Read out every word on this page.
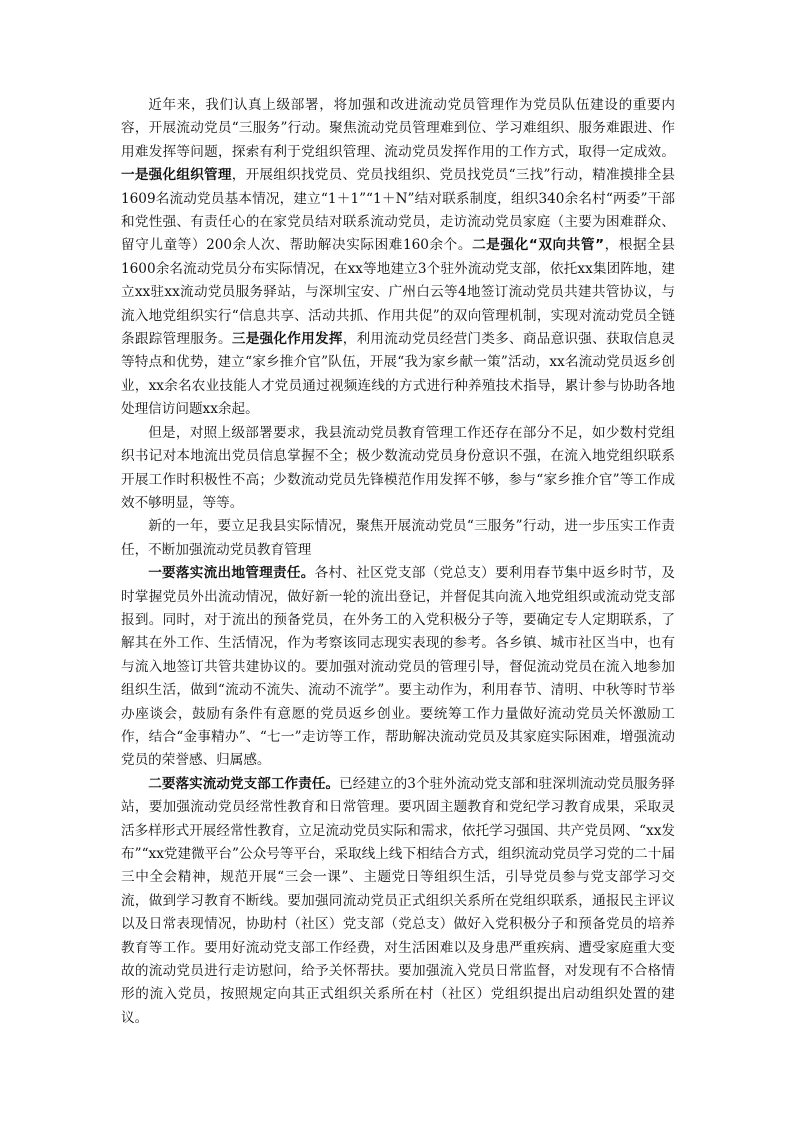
近年来，我们认真上级部署，将加强和改进流动党员管理作为党员队伍建设的重要内容，开展流动党员“三服务”行动。聚焦流动党员管理难到位、学习难组织、服务难跟进、作用难发挥等问题，探索有利于党组织管理、流动党员发挥作用的工作方式，取得一定成效。一是强化组织管理，开展组织找党员、党员找组织、党员找党员“三找”行动，精准摸排全县1609名流动党员基本情况，建立“1＋1”“1＋N”结对联系制度，组织340余名村“两委”干部和党性强、有责任心的在家党员结对联系流动党员，走访流动党员家庭（主要为困难群众、留守儿童等）200余人次、帮助解决实际困难160余个。二是强化“双向共管”，根据全县1600余名流动党员分布实际情况，在xx等地建立3个驻外流动党支部，依托xx集团阵地，建立xx驻xx流动党员服务驿站，与深圳宝安、广州白云等4地签订流动党员共建共管协议，与流入地党组织实行“信息共享、活动共抓、作用共促”的双向管理机制，实现对流动党员全链条跟踪管理服务。三是强化作用发挥，利用流动党员经营门类多、商品意识强、获取信息灵等特点和优势，建立“家乡推介官”队伍，开展“我为家乡献一策”活动，xx名流动党员返乡创业，xx余名农业技能人才党员通过视频连线的方式进行种养殖技术指导，累计参与协助各地处理信访问题xx余起。

但是，对照上级部署要求，我县流动党员教育管理工作还存在部分不足，如少数村党组织书记对本地流出党员信息掌握不全；极少数流动党员身份意识不强，在流入地党组织联系开展工作时积极性不高；少数流动党员先锋模范作用发挥不够，参与“家乡推介官”等工作成效不够明显，等等。

新的一年，要立足我县实际情况，聚焦开展流动党员“三服务”行动，进一步压实工作责任，不断加强流动党员教育管理

一要落实流出地管理责任。各村、社区党支部（党总支）要利用春节集中返乡时节，及时掌握党员外出流动情况，做好新一轮的流出登记，并督促其向流入地党组织或流动党支部报到。同时，对于流出的预备党员，在外务工的入党积极分子等，要确定专人定期联系，了解其在外工作、生活情况，作为考察该同志现实表现的参考。各乡镇、城市社区当中，也有与流入地签订共管共建协议的。要加强对流动党员的管理引导，督促流动党员在流入地参加组织生活，做到“流动不流失、流动不流学”。要主动作为，利用春节、清明、中秋等时节举办座谈会，鼓励有条件有意愿的党员返乡创业。要统筹工作力量做好流动党员关怀激励工作，结合“金事精办”、“七一”走访等工作，帮助解决流动党员及其家庭实际困难，增强流动党员的荣誉感、归属感。

二要落实流动党支部工作责任。已经建立的3个驻外流动党支部和驻深圳流动党员服务驿站，要加强流动党员经常性教育和日常管理。要巩固主题教育和党纪学习教育成果，采取灵活多样形式开展经常性教育，立足流动党员实际和需求，依托学习强国、共产党员网、“xx发布”“xx党建微平台”公众号等平台，采取线上线下相结合方式，组织流动党员学习党的二十届三中全会精神，规范开展“三会一课”、主题党日等组织生活，引导党员参与党支部学习交流，做到学习教育不断线。要加强同流动党员正式组织关系所在党组织联系，通报民主评议以及日常表现情况，协助村（社区）党支部（党总支）做好入党积极分子和预备党员的培养教育等工作。要用好流动党支部工作经费，对生活困难以及身患严重疾病、遭受家庭重大变故的流动党员进行走访慰问，给予关怀帮扶。要加强流入党员日常监督，对发现有不合格情形的流入党员，按照规定向其正式组织关系所在村（社区）党组织提出启动组织处置的建议。
